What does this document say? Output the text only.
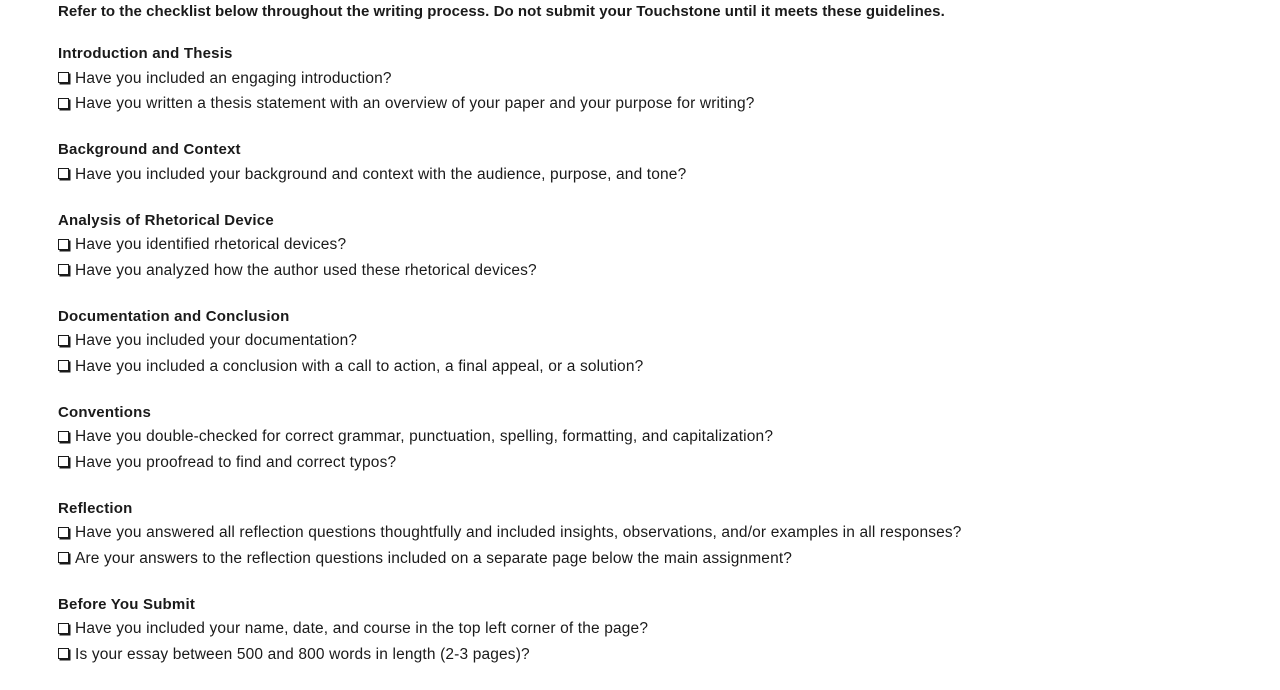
Refer to the checklist below throughout the writing process. Do not submit your Touchstone until it meets these guidelines.

Introduction and Thesis
Have you included an engaging introduction?
Have you written a thesis statement with an overview of your paper and your purpose for writing?
Background and Context
Have you included your background and context with the audience, purpose, and tone?
Analysis of Rhetorical Device
Have you identified rhetorical devices?
Have you analyzed how the author used these rhetorical devices?
Documentation and Conclusion
Have you included your documentation?
Have you included a conclusion with a call to action, a final appeal, or a solution?
Conventions
Have you double-checked for correct grammar, punctuation, spelling, formatting, and capitalization?
Have you proofread to find and correct typos?
Reflection
Have you answered all reflection questions thoughtfully and included insights, observations, and/or examples in all responses?
Are your answers to the reflection questions included on a separate page below the main assignment?
Before You Submit
Have you included your name, date, and course in the top left corner of the page?
Is your essay between 500 and 800 words in length (2-3 pages)?
